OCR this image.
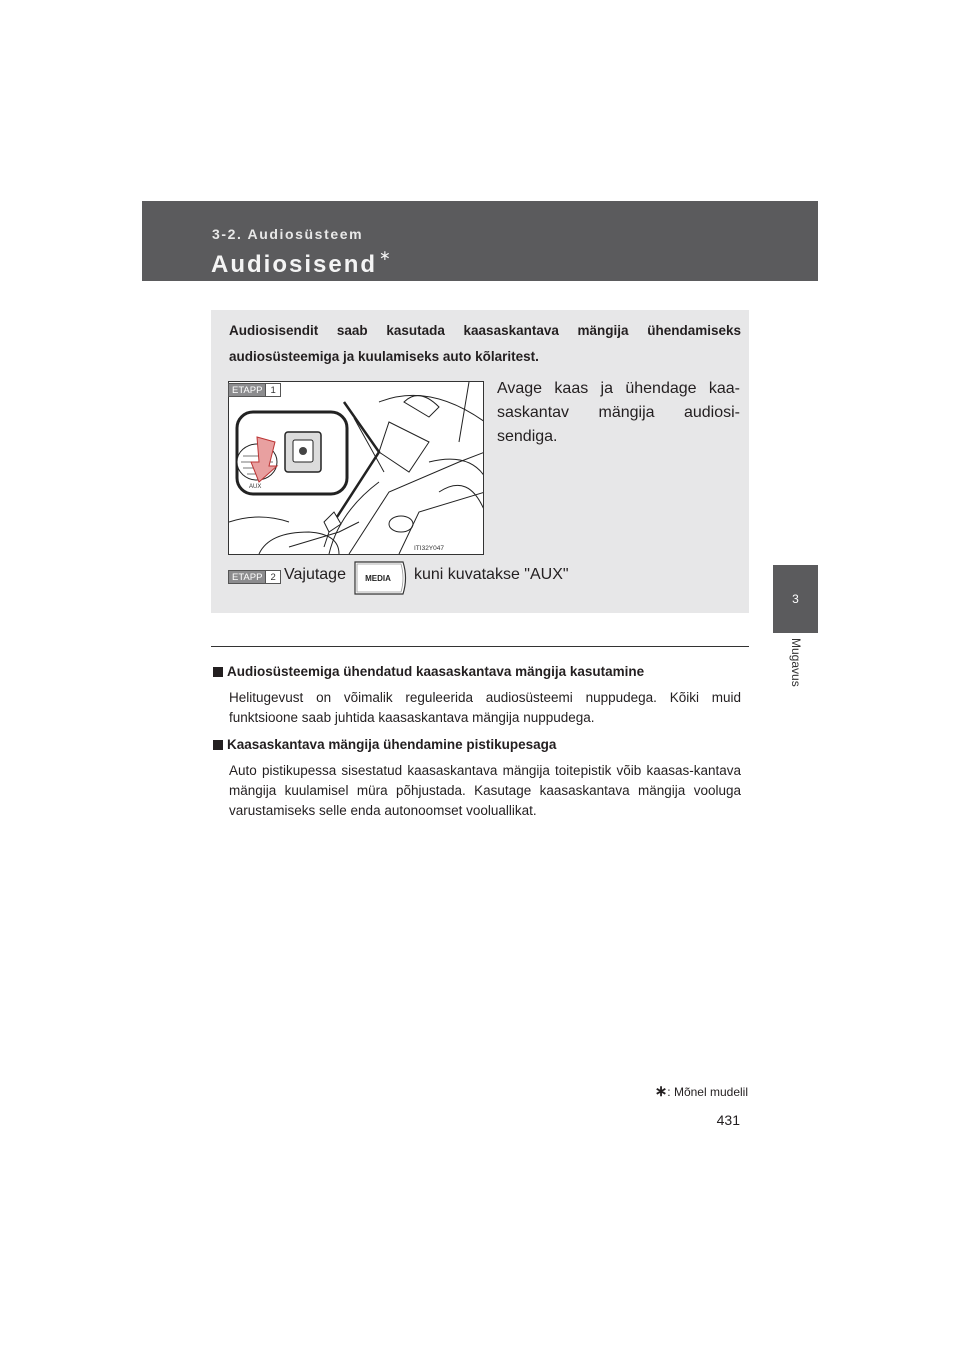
3-2. Audiosüsteem
Audiosisend ∗
3
Mugavus
Audiosisendit saab kasutada kaasaskantava mängija ühendamiseks audiosüsteemiga ja kuulamiseks auto kõlaritest.
AUX
ITI32Y047
ETAPP 1	Avage kaas ja ühendage kaa-saskantav mängija audiosi-sendiga.
ETAPP 2 Vajutage MEDIA kuni kuvatakse "AUX"
Audiosüsteemiga ühendatud kaasaskantava mängija kasutamine
Helitugevust on võimalik reguleerida audiosüsteemi nuppudega. Kõiki muid funktsioone saab juhtida kaasaskantava mängija nuppudega.
Kaasaskantava mängija ühendamine pistikupesaga
Auto pistikupessa sisestatud kaasaskantava mängija toitepistik võib kaasas-kantava mängija kuulamisel müra põhjustada. Kasutage kaasaskantava mängija vooluga varustamiseks selle enda autonoomset vooluallikat.
∗: Mõnel mudelil
431
